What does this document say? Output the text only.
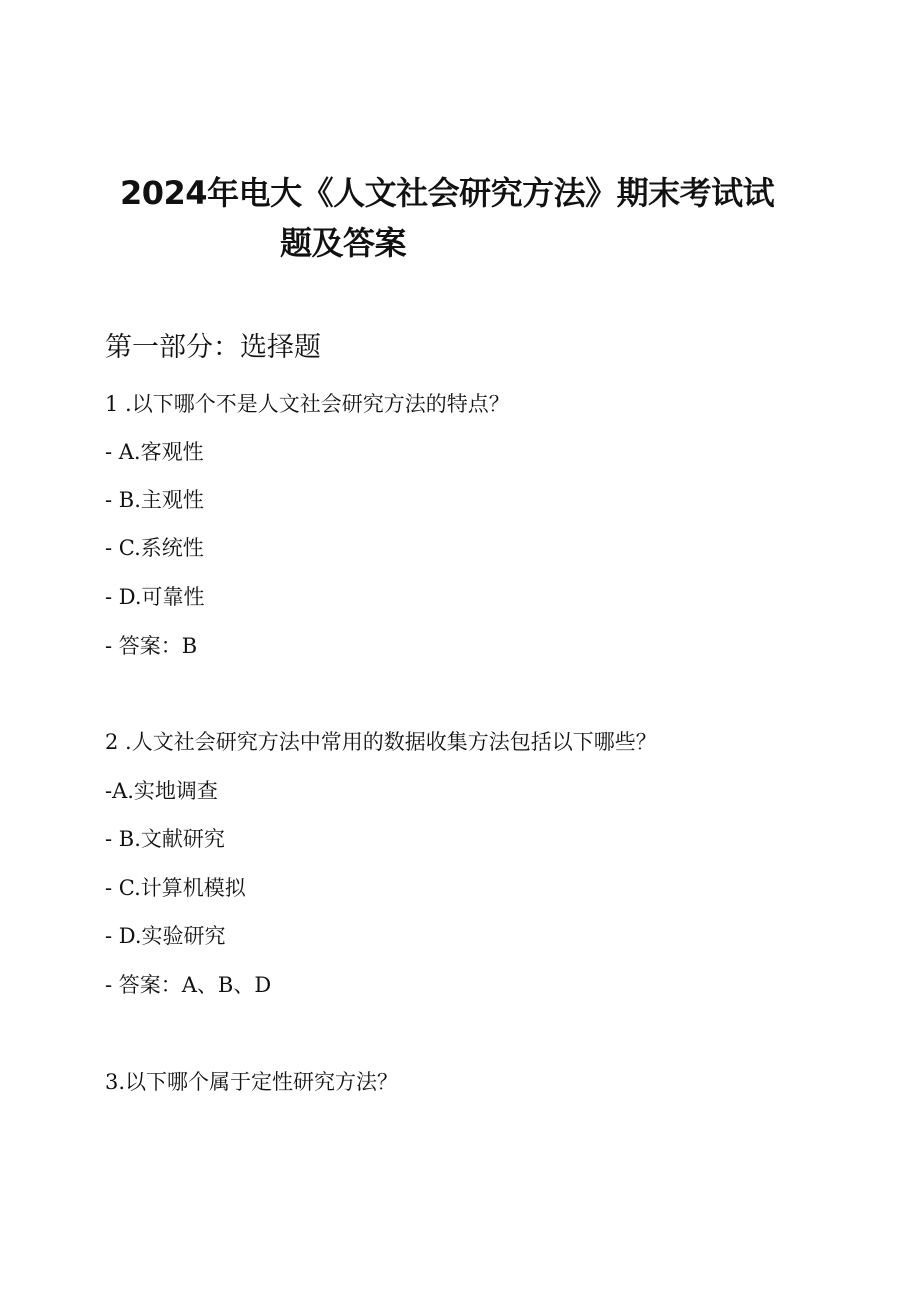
2024年电大《人文社会研究方法》期末考试试
题及答案
第一部分：选择题

1 .以下哪个不是人文社会研究方法的特点？

- A.客观性

- B.主观性

- C.系统性

- D.可靠性

- 答案：B

2 .人文社会研究方法中常用的数据收集方法包括以下哪些？

-A.实地调查

- B.文献研究

- C.计算机模拟

- D.实验研究

- 答案：A、B、D

3.以下哪个属于定性研究方法？
